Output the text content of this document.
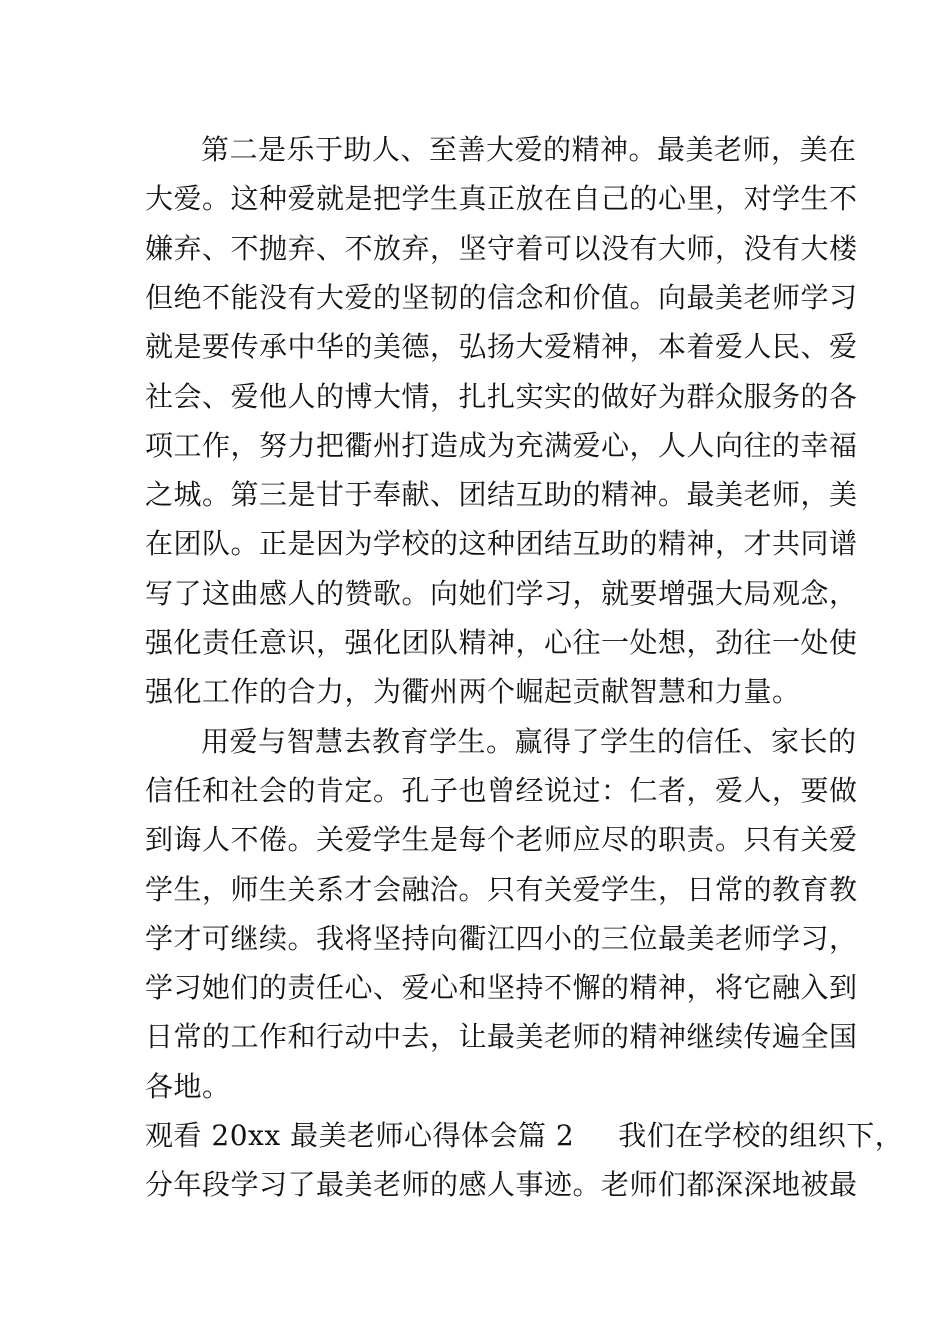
第二是乐于助人、至善大爱的精神。最美老师，美在
大爱。这种爱就是把学生真正放在自己的心里，对学生不
嫌弃、不抛弃、不放弃，坚守着可以没有大师，没有大楼
但绝不能没有大爱的坚韧的信念和价值。向最美老师学习
就是要传承中华的美德，弘扬大爱精神，本着爱人民、爱
社会、爱他人的博大情，扎扎实实的做好为群众服务的各
项工作，努力把衢州打造成为充满爱心，人人向往的幸福
之城。第三是甘于奉献、团结互助的精神。最美老师，美
在团队。正是因为学校的这种团结互助的精神，才共同谱
写了这曲感人的赞歌。向她们学习，就要增强大局观念，
强化责任意识，强化团队精神，心往一处想，劲往一处使
强化工作的合力，为衢州两个崛起贡献智慧和力量。
用爱与智慧去教育学生。赢得了学生的信任、家长的
信任和社会的肯定。孔子也曾经说过：仁者，爱人，要做
到诲人不倦。关爱学生是每个老师应尽的职责。只有关爱
学生，师生关系才会融洽。只有关爱学生，日常的教育教
学才可继续。我将坚持向衢江四小的三位最美老师学习，
学习她们的责任心、爱心和坚持不懈的精神，将它融入到
日常的工作和行动中去，让最美老师的精神继续传遍全国
各地。
观看 20xx 最美老师心得体会篇 2 我们在学校的组织下，
分年段学习了最美老师的感人事迹。老师们都深深地被最
